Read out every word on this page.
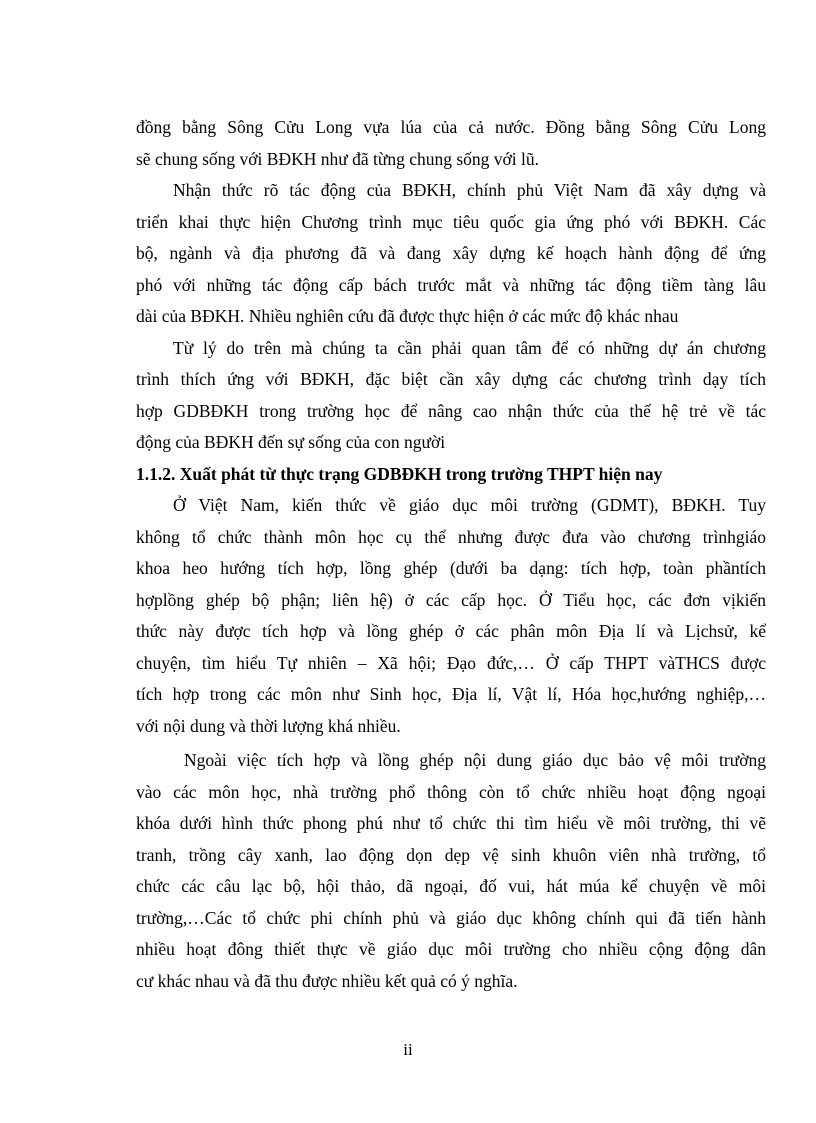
đồng bằng Sông Cửu Long vựa lúa của cả nước. Đồng bằng Sông Cửu Long
sẽ chung sống với BĐKH như đã từng chung sống với lũ.

Nhận thức rõ tác động của BĐKH, chính phủ Việt Nam đã xây dựng và
triển khai thực hiện Chương trình mục tiêu quốc gia ứng phó với BĐKH. Các
bộ, ngành và địa phương đã và đang xây dựng kế hoạch hành động để ứng
phó với những tác động cấp bách trước mắt và những tác động tiềm tàng lâu
dài của BĐKH. Nhiều nghiên cứu đã được thực hiện ở các mức độ khác nhau

Từ lý do trên mà chúng ta cần phải quan tâm để có những dự án chương
trình thích ứng với BĐKH, đặc biệt cần xây dựng các chương trình dạy tích
hợp GDBĐKH trong trường học để nâng cao nhận thức của thế hệ trẻ về tác
động của BĐKH đến sự sống của con người

1.1.2. Xuất phát từ thực trạng GDBĐKH trong trường THPT hiện nay

Ở Việt Nam, kiến thức về giáo dục môi trường (GDMT), BĐKH. Tuy
không tổ chức thành môn học cụ thể nhưng được đưa vào chương trìnhgiáo
khoa heo hướng tích hợp, lồng ghép (dưới ba dạng: tích hợp, toàn phầntích
hợplồng ghép bộ phận; liên hệ) ở các cấp học. Ở Tiểu học, các đơn vịkiến
thức này được tích hợp và lồng ghép ở các phân môn Địa lí và Lịchsử, kể
chuyện, tìm hiểu Tự nhiên – Xã hội; Đạo đức,… Ở cấp THPT vàTHCS được
tích hợp trong các môn như Sinh học, Địa lí, Vật lí, Hóa học,hướng nghiệp,…
với nội dung và thời lượng khá nhiều.

Ngoài việc tích hợp và lồng ghép nội dung giáo dục bảo vệ môi trường
vào các môn học, nhà trường phổ thông còn tổ chức nhiều hoạt động ngoại
khóa dưới hình thức phong phú như tổ chức thi tìm hiểu về môi trường, thi vẽ
tranh, trồng cây xanh, lao động dọn dẹp vệ sinh khuôn viên nhà trường, tổ
chức các câu lạc bộ, hội thảo, dã ngoại, đố vui, hát múa kể chuyện về môi
trường,…Các tổ chức phi chính phủ và giáo dục không chính qui đã tiến hành
nhiều hoạt đông thiết thực về giáo dục môi trường cho nhiều cộng động dân
cư khác nhau và đã thu được nhiều kết quả có ý nghĩa.

ii
